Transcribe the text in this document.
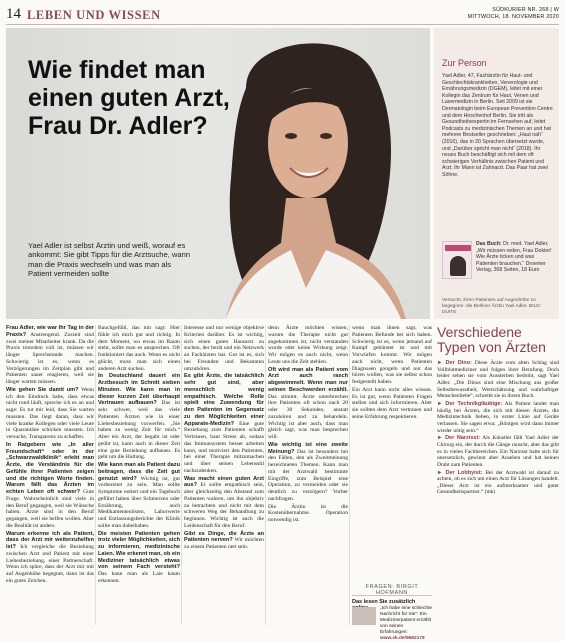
14 LEBEN UND WISSEN	SÜDKURIER NR. 268 | W
MITTWOCH, 18. NOVEMBER 2020
Wie findet man einen guten Arzt, Frau Dr. Adler?
Yael Adler ist selbst Ärztin und weiß, worauf es ankommt: Sie gibt Tipps für die Arztsuche, wann man die Praxis wechseln und was man als Patient vermeiden sollte
Zur Person
Yael Adler, 47, Fachärztin für Haut- und Geschlechtskrankheiten, Venerologie und Ernährungsmedizin (DGEM), leitet mit einer Kollegin das Zentrum für Haut, Venen und Lasermedizin in Berlin. Seit 2009 ist sie Dermatologin beim European Prevention Centre und dem Hirschenhof Berlin. Sie tritt als Gesundheitsexpertin im Fernsehen auf, leitet Podcasts zu medizinischen Themen an und hat mehrere Bestseller geschrieben: „Haut nah“ (2016), das in 20 Sprachen übersetzt wurde, und „Darüber spricht man nicht“ (2018). Ihr neues Buch beschäftigt sich mit dem oft schwierigen Verhältnis zwischen Patient und Arzt. Ihr Mann ist Zahnarzt. Das Paar hat zwei Söhne.
Das Buch: Dr. med. Yael Adler, „Wir müssen reden, Frau Doktor! Wie Ärzte ticken und was Patienten brauchen.“ Droemer Verlag, 368 Seiten, 18 Euro
Versucht, ihren Patienten auf Augenhöhe zu begegnen: die Berliner Ärztin Yael Adler. BILD: DUITE

Frau Adler, wie war Ihr Tag in der Praxis? Anstrengend. Zurzeit sind zwei meiner Mitarbeiter krank. Da die Praxis trotzdem voll ist, müssen wir länger Sprechstunde machen. Schwierig ist es, wenn es Verzögerungen im Zeitplan gibt und Patienten sauer reagieren, weil sie länger warten müssen.

Wie gehen Sie damit um? Wenn ich den Eindruck habe, dass etwas nicht rund läuft, spreche ich es an und sage: Es tut mir leid, dass Sie warten mussten. Das liegt daran, dass wir viele kranke Kollegen oder viele Leute in Quarantäne schicken mussten. Ich versuche, Transparenz zu schaffen.

In Ratgebern wie „In aller Freundschaft“ oder in der „Schwarzwaldklinik“ erlebt man Ärzte, die Verständnis für die Gefühle ihrer Patienten zeigen und die richtigen Worte finden. Warum fällt das Ärzten im echten Leben oft schwer? Gute Frage. Wahrscheinlich sind viele in den Beruf gegangen, weil sie Wünsche haben. Ärzte sind in den Beruf gegangen, weil sie helfen wollen. Aber die Realität ist anders.

Warum erkenne ich als Patient, dass der Arzt mir weiterzuhelfen ist? Ich vergleiche die Beziehung zwischen Arzt und Patient mit einer Liebesbeziehung, einer Partnerschaft. Wenn ich spüre, dass der Arzt mir mit auf Augenhöhe begegnet, dann ist das ein gutes Zeichen.

Bauchgefühl, das mir sagt: Hier fühle ich mich gut und richtig. In dem Moment, wo etwas im Raum steht, sollte man es ansprechen. Oft funktioniert das auch. Wenn es nicht glückt, muss man sich einen anderen Arzt suchen.

In Deutschland dauert ein Arztbesuch im Schnitt sieben Minuten. Wie kann man in dieser kurzen Zeit überhaupt Vertrauen aufbauen? Das ist sehr schwer, weil das viele Patienten Ärzten wie in einer Liebesbeziehung vorwerfen. „Sie haben zu wenig Zeit für mich.“ Aber ein Arzt, der begabt ist oder geübt ist, kann auch in dieser Zeit eine gute Beziehung aufbauen. Es geht um die Haltung.

Wie kann man als Patient dazu beitragen, dass die Zeit gut genutzt wird? Wichtig ist, gut vorbereitet zu sein. Man sollte Symptome notiert und ein Tagebuch geführt haben über Schmerzen oder Ernährung, auch Medikamentenlisten, Laborwerte und Entlassungsberichte der Klinik sollte man dabeihaben.

Die meisten Patienten gehen trotz vieler Möglichkeiten, sich zu informieren, medizinische Laien. Wie erkennt man, ob ein Mediziner tatsächlich etwas von seinem Fach versteht? Das kann man als Laie kaum erkennen.

Interesse und nur wenige objektive Kriterien darüber. Es ist wichtig, sich einen guten Hausarzt zu suchen, der berät und ein Netzwerk an Fachärzten hat. Gut ist es, sich bei Freunden und Bekannten umzuhören.

Es gibt Ärzte, die tatsächlich sehr gut sind, aber menschlich wenig empathisch. Welche Rolle spielt eine Zuwendung für den Patienten im Gegensatz zu den Möglichkeiten einer Apparate-Medizin? Eine gute Beziehung zum Patienten schafft Vertrauen, baut Stress ab, sodass das Immunsystem besser arbeiten kann, und motiviert den Patienten, bei einer Therapie mitzumachen und über seinen Lebensstil nachzudenken.

Was macht einen guten Arzt aus? Er sollte empathisch sein, aber gleichzeitig den Abstand zum Patienten wahren, um ihn objektiv zu betrachten und nicht mit dem schweren Weg der Behandlung zu beginnen. Wichtig ist auch die Leidenschaft für den Beruf.

Gibt es Dinge, die Ärzte an Patienten nerven? Wir möchten zu einem Patienten nett sein.

denn Ärzte möchten wissen, warum die Therapie nicht gut angekommen ist, nicht verstanden wurde oder keine Wirkung zeigt. Wir mögen es auch nicht, wenn Leute uns die Zeit stehlen.

Oft wird man als Patient vom Arzt auch rasch abgewimmelt. Wenn man nur seinen Beschwerden erzählt. Das stimmt. Ärzte unterbrechen ihre Patienten oft schon nach 20 oder 30 Sekunden, anstatt zuzuhören und zu behandeln. Wichtig ist aber auch, dass man gleich sagt, was man besprechen will.

Wie wichtig ist eine zweite Meinung? Das ist besonders bei den Fällen, den als Zweitmeinung bezeichneten Themen. Kann man mit der Arztwahl bestimmte Eingriffe, zum Beispiel eine Operation, zu vermeiden oder sie deutlich zu verzögern? Vorher nachfragen.

Die Ärztin ist die Kostenübernahme. Operation notwendig ist.

wenn man ihnen sagt, was Patienten Befunde bei sich haben. Schwierig ist es, wenn jemand auf Kampf gebürstet ist und mit Vorwürfen kommt. Wir mögen auch nicht, wenn Patienten Diagnosen googeln und nur das hören wollen, was sie selbst schon festgestellt haben.

Ein Arzt kann nicht alles wissen. Es ist gut, wenn Patienten Fragen stellen und sich informieren. Aber sie sollten dem Arzt vertrauen und seine Erfahrung respektieren.

FRAGEN: BIRGIT HOFMANN
Das lesen Sie zusätzlich
„Ich habe eine schlechte Nachricht für Sie“: Ein Medizinerpatient erzählt von seinen Erfahrungen: www.sk.de/9682178
Verschiedene Typen von Ärzten

► Der Dino: Diese Ärzte vom alten Schlag sind Vollblutmediziner und folgen ihrer Berufung. Doch leider sehen sie vom Aussterben bedroht, sagt Yael Adler. „Die Dinos sind eine Mischung aus großer Selbstbewusstheit, Wertschätzung und wahrhaftiger Menschenliebe“, schreibt sie in ihrem Buch.

► Der Technikgläubige: Als Patient landet man häufig bei Ärzten, die sich mit diesen Ärzten, die Medizintechnik lieben, in erster Linie auf Geräte verlassen. Sie sagen etwa: „Röntgen wird dann immer wieder nötig sein.“

► Der Narzisst: Als Künstler fällt Yael Adler der Chirurg ein, der durch die Gänge rauscht, aber das gibt es in vielen Fachbereichen. Ein Narzisst halte sich für unersetzlich, gewinnt aber Ansehen und hat keinen Draht zum Patienten.

► Der Lobbyist: Bei der Arztwahl ist darauf zu achten, ob es sich um einen Arzt für Lösungen handelt. „Dieser Arzt ist ein aufmerksamer und guter Gesundheitspartner.“ (mk)
